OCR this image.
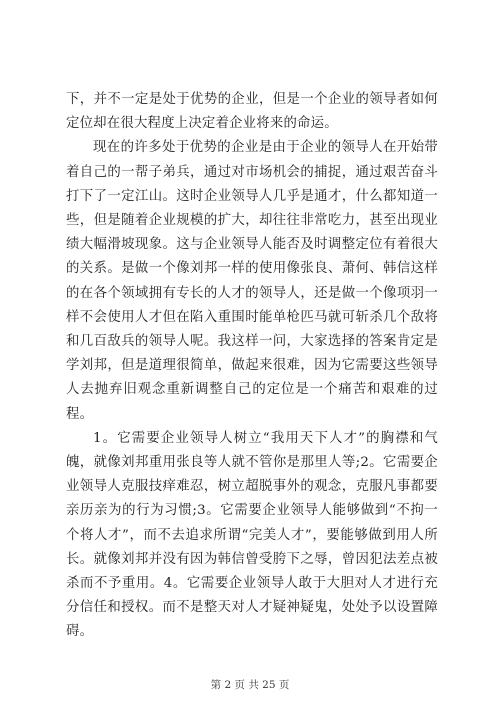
下，并不一定是处于优势的企业，但是一个企业的领导者如何定位却在很大程度上决定着企业将来的命运。

现在的许多处于优势的企业是由于企业的领导人在开始带着自己的一帮子弟兵，通过对市场机会的捕捉，通过艰苦奋斗打下了一定江山。这时企业领导人几乎是通才，什么都知道一些，但是随着企业规模的扩大，却往往非常吃力，甚至出现业绩大幅滑坡现象。这与企业领导人能否及时调整定位有着很大的关系。是做一个像刘邦一样的使用像张良、萧何、韩信这样的在各个领域拥有专长的人才的领导人，还是做一个像项羽一样不会使用人才但在陷入重围时能单枪匹马就可斩杀几个敌将和几百敌兵的领导人呢。我这样一问，大家选择的答案肯定是学刘邦，但是道理很简单，做起来很难，因为它需要这些领导人去抛弃旧观念重新调整自己的定位是一个痛苦和艰难的过程。

1。它需要企业领导人树立“我用天下人才”的胸襟和气魄，就像刘邦重用张良等人就不管你是那里人等;2。它需要企业领导人克服技痒难忍，树立超脱事外的观念，克服凡事都要亲历亲为的行为习惯;3。它需要企业领导人能够做到“不拘一个将人才”，而不去追求所谓“完美人才”，要能够做到用人所长。就像刘邦并没有因为韩信曾受胯下之辱，曾因犯法差点被杀而不予重用。4。它需要企业领导人敢于大胆对人才进行充分信任和授权。而不是整天对人才疑神疑鬼，处处予以设置障碍。

第 2 页 共 25 页
